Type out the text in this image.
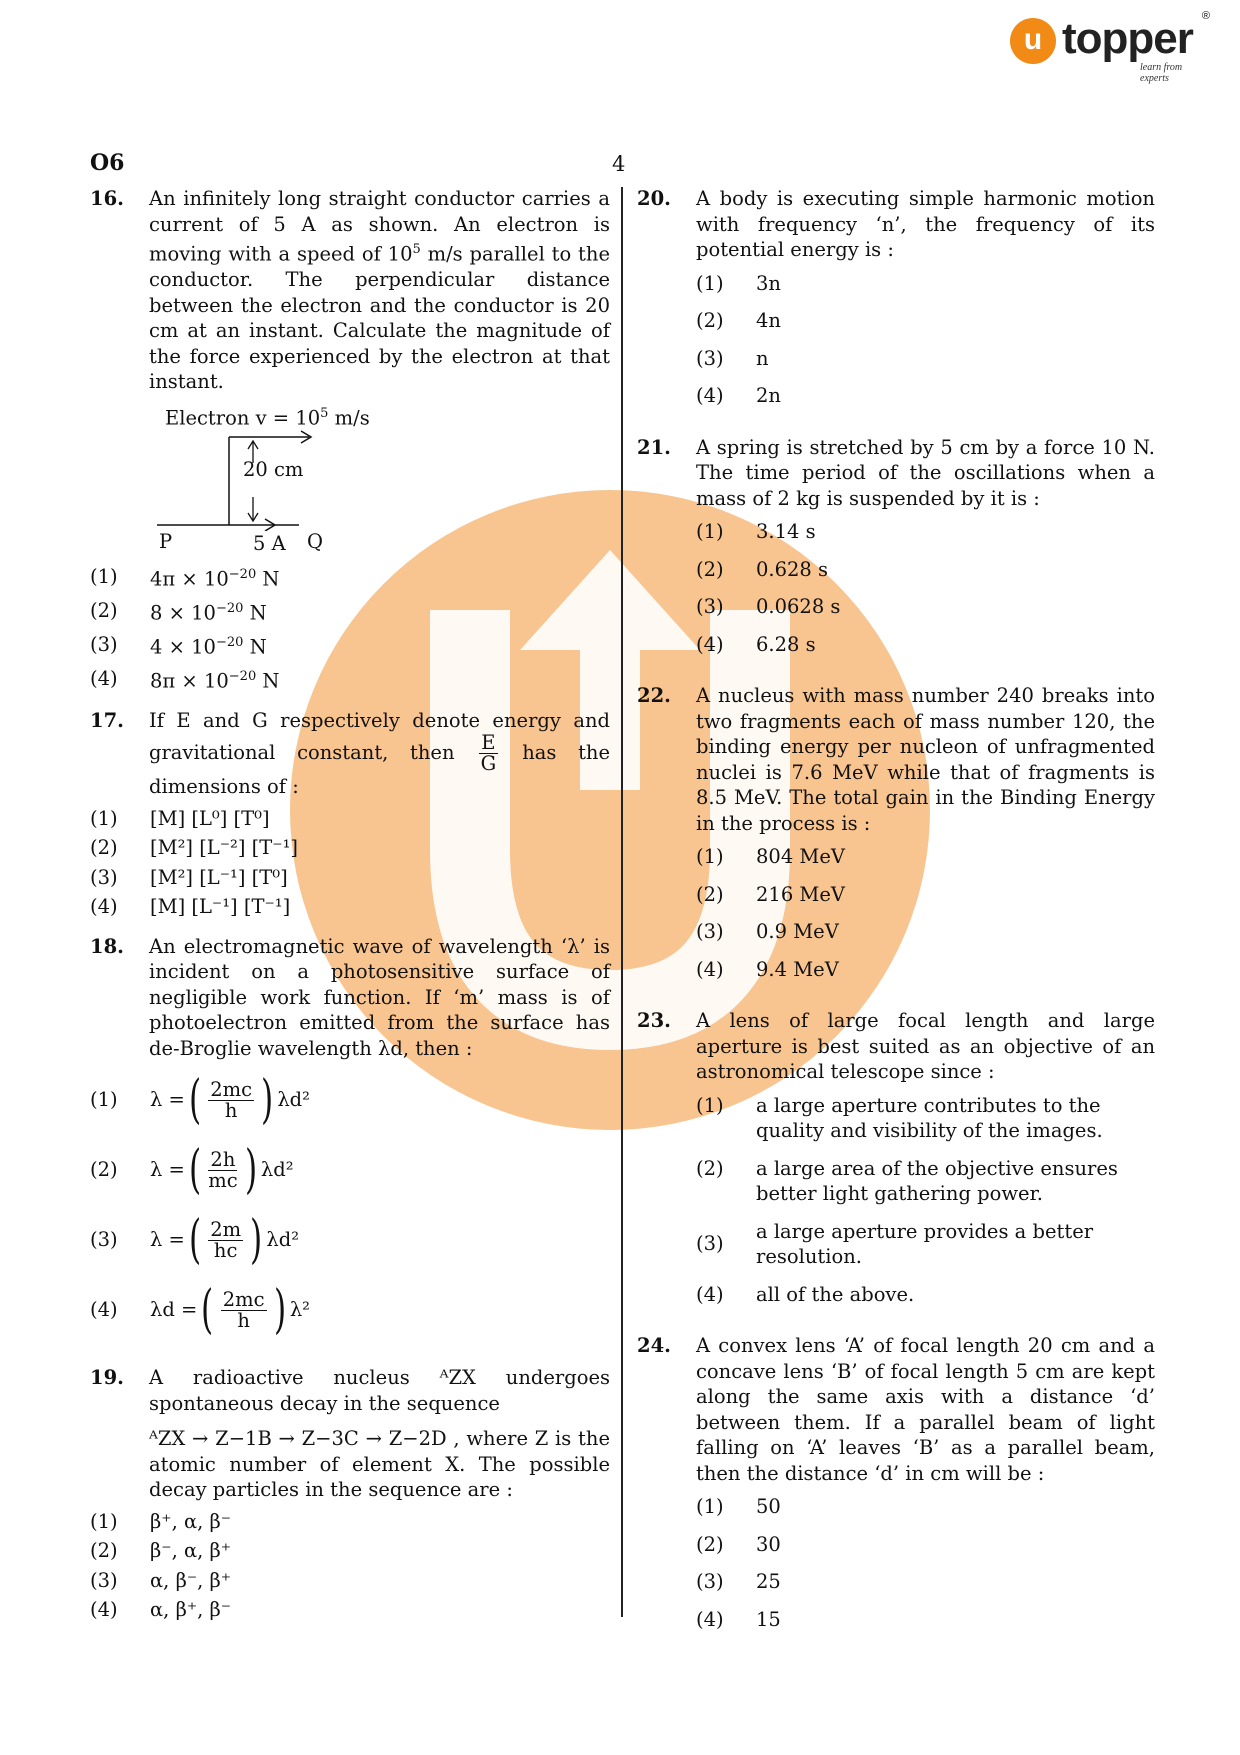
u topper
learn from experts
®
O6	4
16. An infinitely long straight conductor carries a current of 5 A as shown. An electron is moving with a speed of $10^5$ m/s parallel to the conductor. The perpendicular distance between the electron and the conductor is 20 cm at an instant. Calculate the magnitude of the force experienced by the electron at that instant.
Electron $v = 10^5$ m/s
20 cm
P	5 A Q
(1)	$4\pi \times 10^{-20}$ N
(2)	$8 \times 10^{-20}$ N
(3)	$4 \times 10^{-20}$ N
(4)	$8\pi \times 10^{-20}$ N
17. If E and G respectively denote energy and gravitational constant, then $\frac{E}{G}$ has the dimensions of :
(1)	[M] [L⁰] [T⁰]
(2)	[M²] [L⁻²] [T⁻¹]
(3)	[M²] [L⁻¹] [T⁰]
(4)	[M] [L⁻¹] [T⁻¹]
18. An electromagnetic wave of wavelength ‘λ’ is incident on a photosensitive surface of negligible work function. If ‘m’ mass is of photoelectron emitted from the surface has de-Broglie wavelength λd, then :
(1)	λ = ( $\frac{2mc}{h}$ ) λd²
(2)	λ = ( $\frac{2h}{mc}$ ) λd²
(3)	λ = ( $\frac{2m}{hc}$ ) λd²
(4)	λd = ( $\frac{2mc}{h}$ ) λ²
19. A radioactive nucleus ᴬZX undergoes spontaneous decay in the sequence
ᴬZX → Z−1B → Z−3C → Z−2D , where Z is the atomic number of element X. The possible decay particles in the sequence are :
(1)	β⁺, α, β⁻
(2)	β⁻, α, β⁺
(3)	α, β⁻, β⁺
(4)	α, β⁺, β⁻
20. A body is executing simple harmonic motion with frequency ‘n’, the frequency of its potential energy is :
(1)	3n
(2)	4n
(3)	n
(4)	2n
21. A spring is stretched by 5 cm by a force 10 N. The time period of the oscillations when a mass of 2 kg is suspended by it is :
(1)	3.14 s
(2)	0.628 s
(3)	0.0628 s
(4)	6.28 s
22. A nucleus with mass number 240 breaks into two fragments each of mass number 120, the binding energy per nucleon of unfragmented nuclei is 7.6 MeV while that of fragments is 8.5 MeV. The total gain in the Binding Energy in the process is :
(1)	804 MeV
(2)	216 MeV
(3)	0.9 MeV
(4)	9.4 MeV
23. A lens of large focal length and large aperture is best suited as an objective of an astronomical telescope since :
(1)	a large aperture contributes to the quality and visibility of the images.
(2)	a large area of the objective ensures better light gathering power.
(3)
a large aperture provides a better resolution.
(4)	all of the above.
24. A convex lens ‘A’ of focal length 20 cm and a concave lens ‘B’ of focal length 5 cm are kept along the same axis with a distance ‘d’ between them. If a parallel beam of light falling on ‘A’ leaves ‘B’ as a parallel beam, then the distance ‘d’ in cm will be :
(1)	50
(2)	30
(3)	25
(4)	15
